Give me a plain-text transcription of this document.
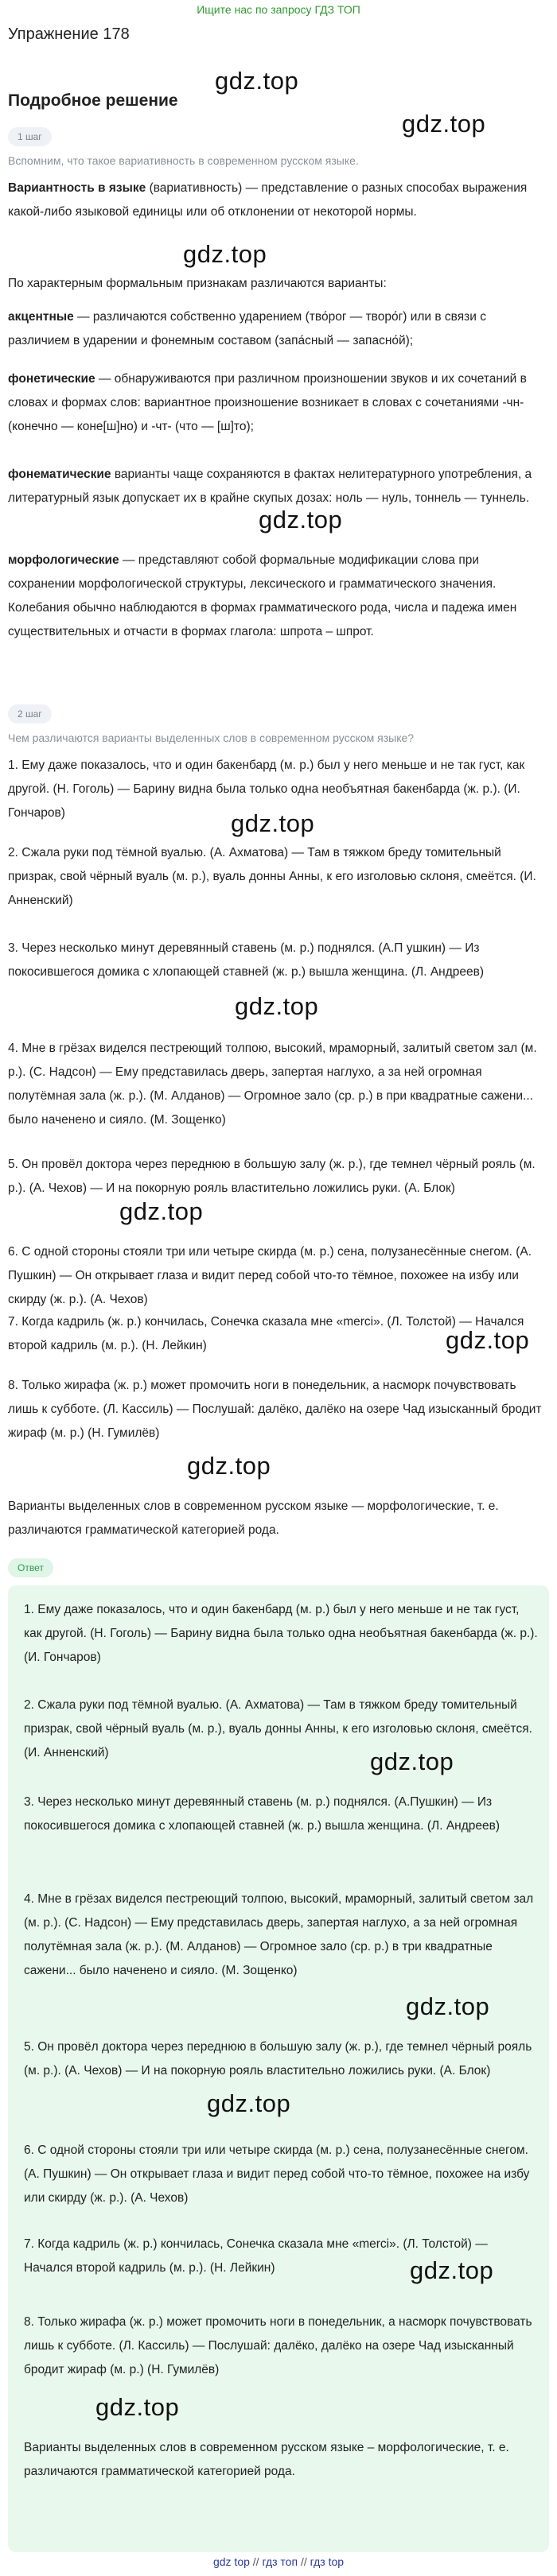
Ищите нас по запросу ГДЗ ТОП
Упражнение 178
gdz.top
Подробное решение
gdz.top
1 шаг
Вспомним, что такое вариативность в современном русском языке.
Вариантность в языке (вариативность) — представление о разных способах выражения какой-либо языковой единицы или об отклонении от некоторой нормы.
gdz.top
По характерным формальным признакам различаются варианты:
акцентные — различаются собственно ударением (тво́рог — творо́г) или в связи с различием в ударении и фонемным составом (запа́сный — запасно́й);
фонетические — обнаруживаются при различном произношении звуков и их сочетаний в словах и формах слов: вариантное произношение возникает в словах с сочетаниями -чн- (конечно — коне[ш]но) и -чт- (что — [ш]то);
фонематические варианты чаще сохраняются в фактах нелитературного употребления, а литературный язык допускает их в крайне скупых дозах: ноль — нуль, тоннель — туннель.
gdz.top
морфологические — представляют собой формальные модификации слова при сохранении морфологической структуры, лексического и грамматического значения. Колебания обычно наблюдаются в формах грамматического рода, числа и падежа имен существительных и отчасти в формах глагола: шпрота – шпрот.
2 шаг
Чем различаются варианты выделенных слов в современном русском языке?
1. Ему даже показалось, что и один бакенбард (м. р.) был у него меньше и не так густ, как другой. (Н. Гоголь) — Барину видна была только одна необъятная бакенбарда (ж. р.). (И. Гончаров)	gdz.top
2. Сжала руки под тёмной вуалью. (А. Ахматова) — Там в тяжком бреду томительный призрак, свой чёрный вуаль (м. р.), вуаль донны Анны, к его изголовью склоня, смеётся. (И. Анненский)
3. Через несколько минут деревянный ставень (м. р.) поднялся. (А.П ушкин) — Из покосившегося домика с хлопающей ставней (ж. р.) вышла женщина. (Л. Андреев)
gdz.top
4. Мне в грёзах виделся пестреющий толпою, высокий, мраморный, залитый светом зал (м. р.). (С. Надсон) — Ему представилась дверь, запертая наглухо, а за ней огромная полутёмная зала (ж. р.). (М. Алданов) — Огромное зало (ср. р.) в при квадратные сажени... было наченено и сияло. (М. Зощенко)
5. Он провёл доктора через переднюю в большую залу (ж. р.), где темнел чёрный рояль (м. р.). (А. Чехов) — И на покорную рояль властительно ложились руки. (А. Блок)
gdz.top
6. С одной стороны стояли три или четыре скирда (м. р.) сена, полузанесённые снегом. (А. Пушкин) — Он открывает глаза и видит перед собой что-то тёмное, похожее на избу или скирду (ж. р.). (А. Чехов)
7. Когда кадриль (ж. р.) кончилась, Сонечка сказала мне «merci». (Л. Толстой) — Начался второй кадриль (м. р.). (Н. Лейкин)	gdz.top
8. Только жирафа (ж. р.) может промочить ноги в понедельник, а насморк почувствовать лишь к субботе. (Л. Кассиль) — Послушай: далёко, далёко на озере Чад изысканный бродит жираф (м. р.) (Н. Гумилёв)
gdz.top
Варианты выделенных слов в современном русском языке — морфологические, т. е. различаются грамматической категорией рода.
Ответ
1. Ему даже показалось, что и один бакенбард (м. р.) был у него меньше и не так густ, как другой. (Н. Гоголь) — Барину видна была только одна необъятная бакенбарда (ж. р.). (И. Гончаров)
2. Сжала руки под тёмной вуалью. (А. Ахматова) — Там в тяжком бреду томительный призрак, свой чёрный вуаль (м. р.), вуаль донны Анны, к его изголовью склоня, смеётся. (И. Анненский)	gdz.top
3. Через несколько минут деревянный ставень (м. р.) поднялся. (А.Пушкин) — Из покосившегося домика с хлопающей ставней (ж. р.) вышла женщина. (Л. Андреев)
4. Мне в грёзах виделся пестреющий толпою, высокий, мраморный, залитый светом зал (м. р.). (С. Надсон) — Ему представилась дверь, запертая наглухо, а за ней огромная полутёмная зала (ж. р.). (М. Алданов) — Огромное зало (ср. р.) в три квадратные сажени... было наченено и сияло. (М. Зощенко)
gdz.top
5. Он провёл доктора через переднюю в большую залу (ж. р.), где темнел чёрный рояль (м. р.). (А. Чехов) — И на покорную рояль властительно ложились руки. (А. Блок)
gdz.top
6. С одной стороны стояли три или четыре скирда (м. р.) сена, полузанесённые снегом. (А. Пушкин) — Он открывает глаза и видит перед собой что-то тёмное, похожее на избу или скирду (ж. р.). (А. Чехов)
7. Когда кадриль (ж. р.) кончилась, Сонечка сказала мне «merci». (Л. Толстой) — Начался второй кадриль (м. р.). (Н. Лейкин)	gdz.top
8. Только жирафа (ж. р.) может промочить ноги в понедельник, а насморк почувствовать лишь к субботе. (Л. Кассиль) — Послушай: далёко, далёко на озере Чад изысканный бродит жираф (м. р.) (Н. Гумилёв)
gdz.top
Варианты выделенных слов в современном русском языке – морфологические, т. е. различаются грамматической категорией рода.
gdz top // гдз топ // гдз top
